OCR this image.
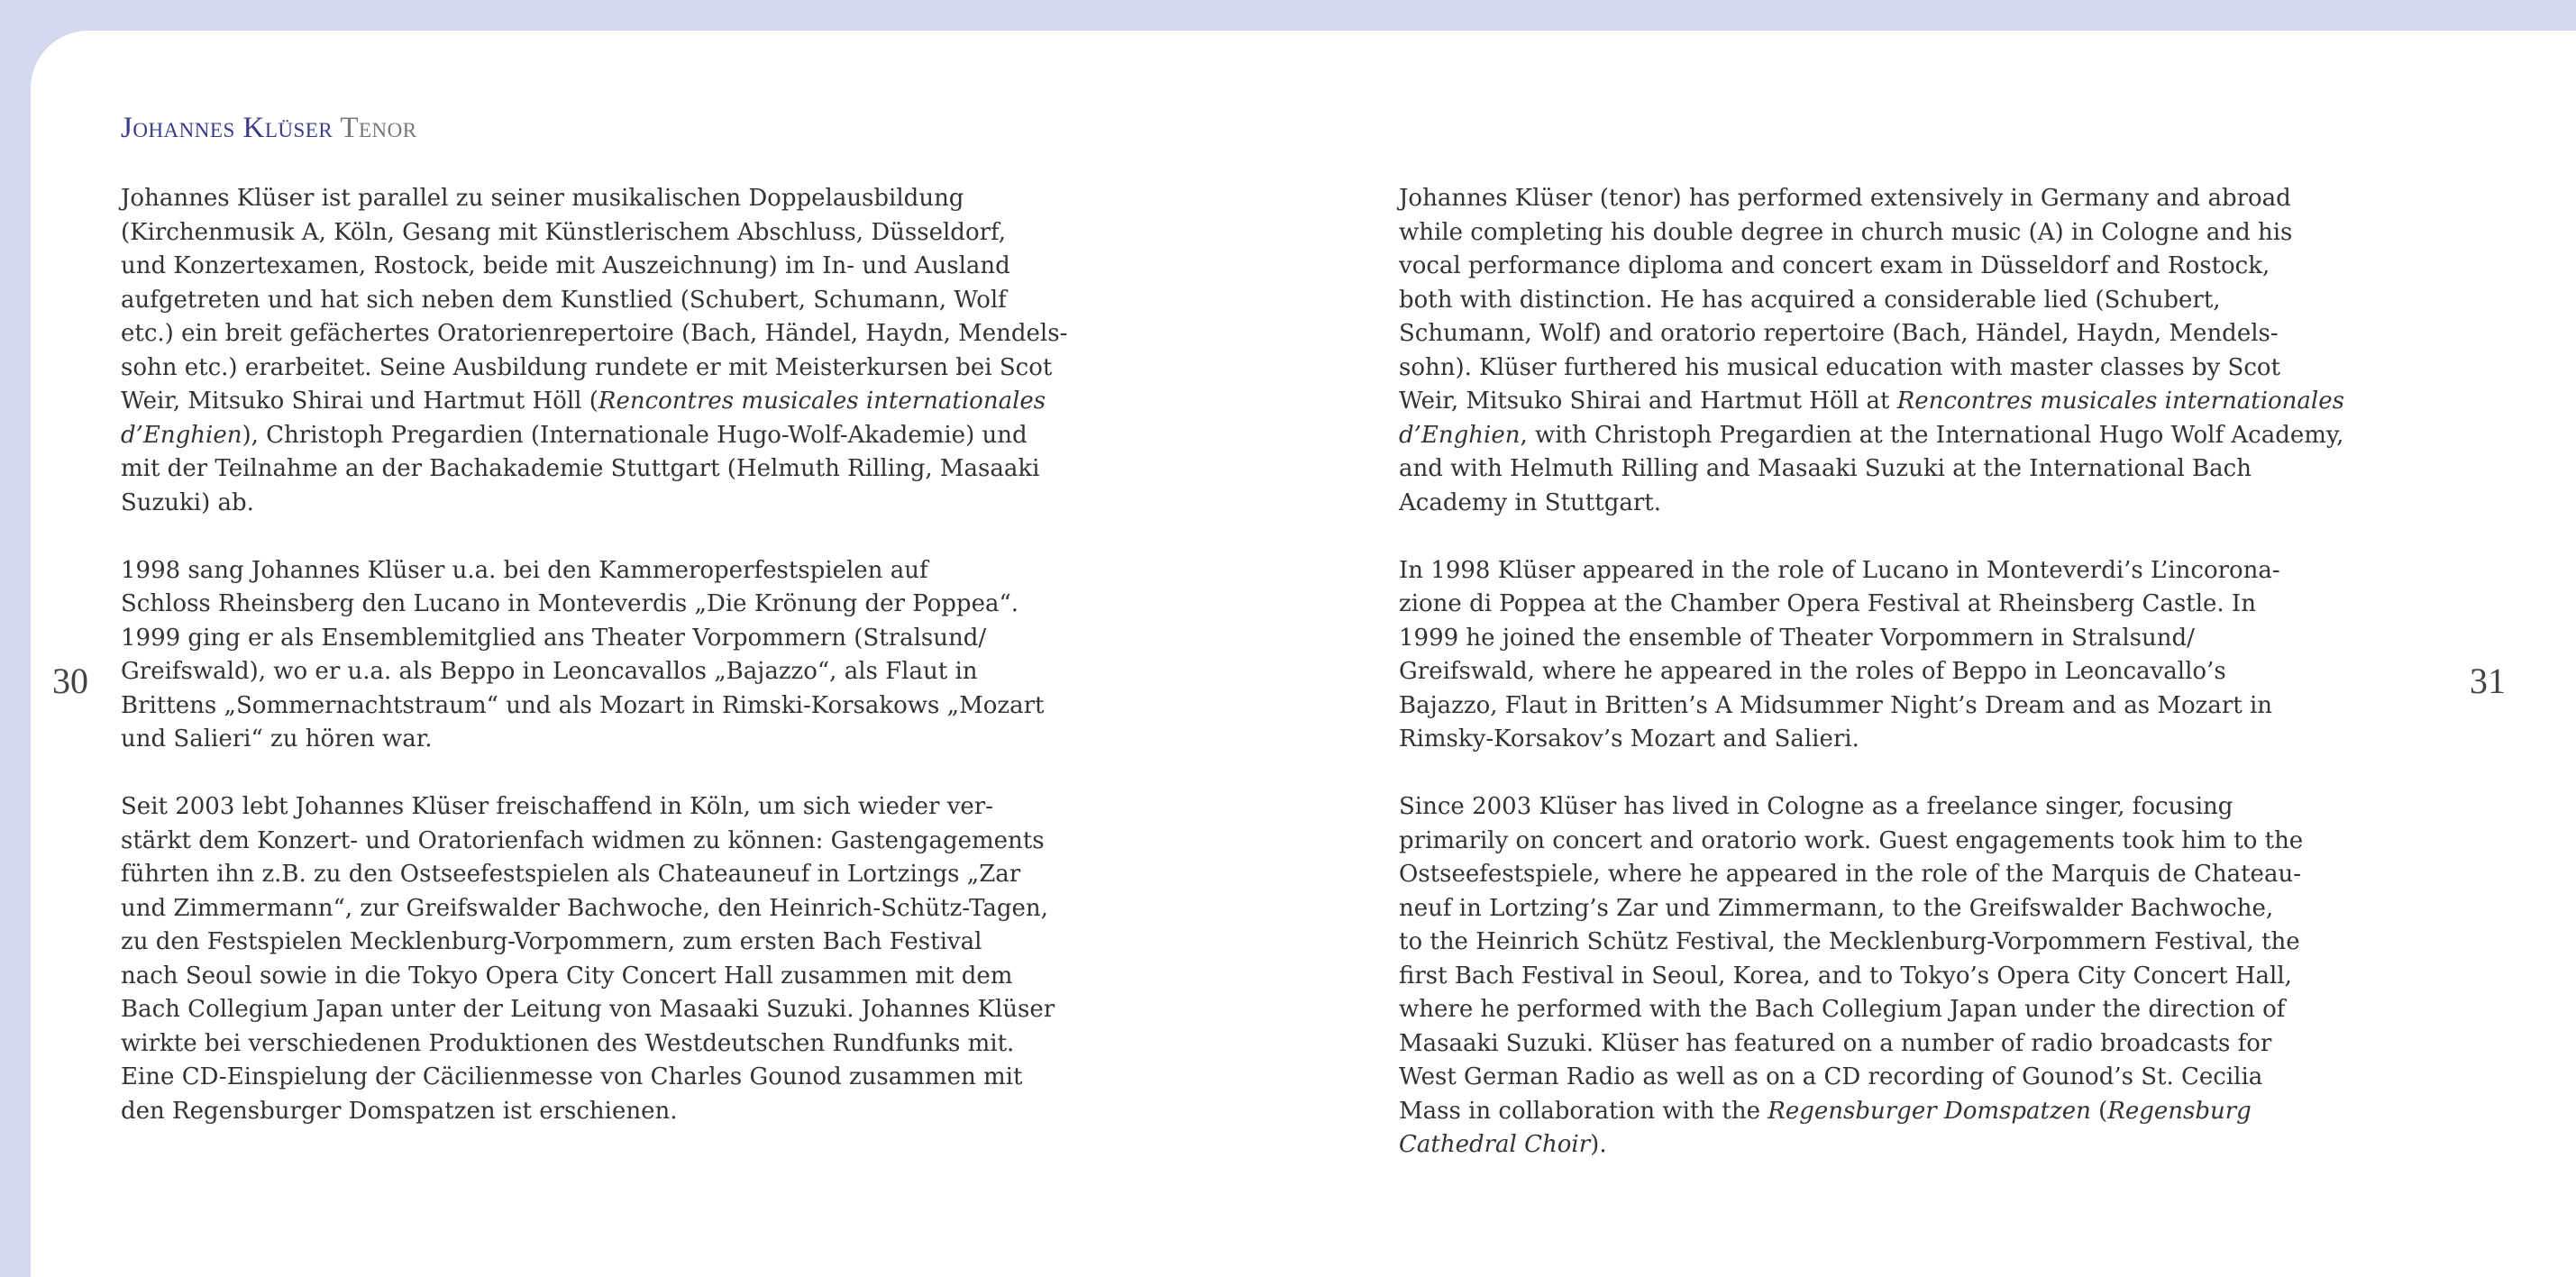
30	31
Johannes Klüser Tenor

Johannes Klüser ist parallel zu seiner musikalischen Doppelausbildung
(Kirchenmusik A, Köln, Gesang mit Künstlerischem Abschluss, Düsseldorf,
und Konzertexamen, Rostock, beide mit Auszeichnung) im In- und Ausland
aufgetreten und hat sich neben dem Kunstlied (Schubert, Schumann, Wolf
etc.) ein breit gefächertes Oratorienrepertoire (Bach, Händel, Haydn, Mendels-
sohn etc.) erarbeitet. Seine Ausbildung rundete er mit Meisterkursen bei Scot
Weir, Mitsuko Shirai und Hartmut Höll (Rencontres musicales internationales
d’Enghien), Christoph Pregardien (Internationale Hugo-Wolf-Akademie) und
mit der Teilnahme an der Bachakademie Stuttgart (Helmuth Rilling, Masaaki
Suzuki) ab.

1998 sang Johannes Klüser u.a. bei den Kammeroperfestspielen auf
Schloss Rheinsberg den Lucano in Monteverdis „Die Krönung der Poppea“.
1999 ging er als Ensemblemitglied ans Theater Vorpommern (Stralsund/
Greifswald), wo er u.a. als Beppo in Leoncavallos „Bajazzo“, als Flaut in
Brittens „Sommernachtstraum“ und als Mozart in Rimski-Korsakows „Mozart
und Salieri“ zu hören war.

Seit 2003 lebt Johannes Klüser freischaffend in Köln, um sich wieder ver-
stärkt dem Konzert- und Oratorienfach widmen zu können: Gastengagements
führten ihn z.B. zu den Ostseefestspielen als Chateauneuf in Lortzings „Zar
und Zimmermann“, zur Greifswalder Bachwoche, den Heinrich-Schütz-Tagen,
zu den Festspielen Mecklenburg-Vorpommern, zum ersten Bach Festival
nach Seoul sowie in die Tokyo Opera City Concert Hall zusammen mit dem
Bach Collegium Japan unter der Leitung von Masaaki Suzuki. Johannes Klüser
wirkte bei verschiedenen Produktionen des Westdeutschen Rundfunks mit.
Eine CD-Einspielung der Cäcilienmesse von Charles Gounod zusammen mit
den Regensburger Domspatzen ist erschienen.

Johannes Klüser (tenor) has performed extensively in Germany and abroad
while completing his double degree in church music (A) in Cologne and his
vocal performance diploma and concert exam in Düsseldorf and Rostock,
both with distinction. He has acquired a considerable lied (Schubert,
Schumann, Wolf) and oratorio repertoire (Bach, Händel, Haydn, Mendels-
sohn). Klüser furthered his musical education with master classes by Scot
Weir, Mitsuko Shirai and Hartmut Höll at Rencontres musicales internationales
d’Enghien, with Christoph Pregardien at the International Hugo Wolf Academy,
and with Helmuth Rilling and Masaaki Suzuki at the International Bach
Academy in Stuttgart.

In 1998 Klüser appeared in the role of Lucano in Monteverdi’s L’incorona-
zione di Poppea at the Chamber Opera Festival at Rheinsberg Castle. In
1999 he joined the ensemble of Theater Vorpommern in Stralsund/
Greifswald, where he appeared in the roles of Beppo in Leoncavallo’s
Bajazzo, Flaut in Britten’s A Midsummer Night’s Dream and as Mozart in
Rimsky-Korsakov’s Mozart and Salieri.

Since 2003 Klüser has lived in Cologne as a freelance singer, focusing
primarily on concert and oratorio work. Guest engagements took him to the
Ostseefestspiele, where he appeared in the role of the Marquis de Chateau-
neuf in Lortzing’s Zar und Zimmermann, to the Greifswalder Bachwoche,
to the Heinrich Schütz Festival, the Mecklenburg-Vorpommern Festival, the
first Bach Festival in Seoul, Korea, and to Tokyo’s Opera City Concert Hall,
where he performed with the Bach Collegium Japan under the direction of
Masaaki Suzuki. Klüser has featured on a number of radio broadcasts for
West German Radio as well as on a CD recording of Gounod’s St. Cecilia
Mass in collaboration with the Regensburger Domspatzen (Regensburg
Cathedral Choir).
